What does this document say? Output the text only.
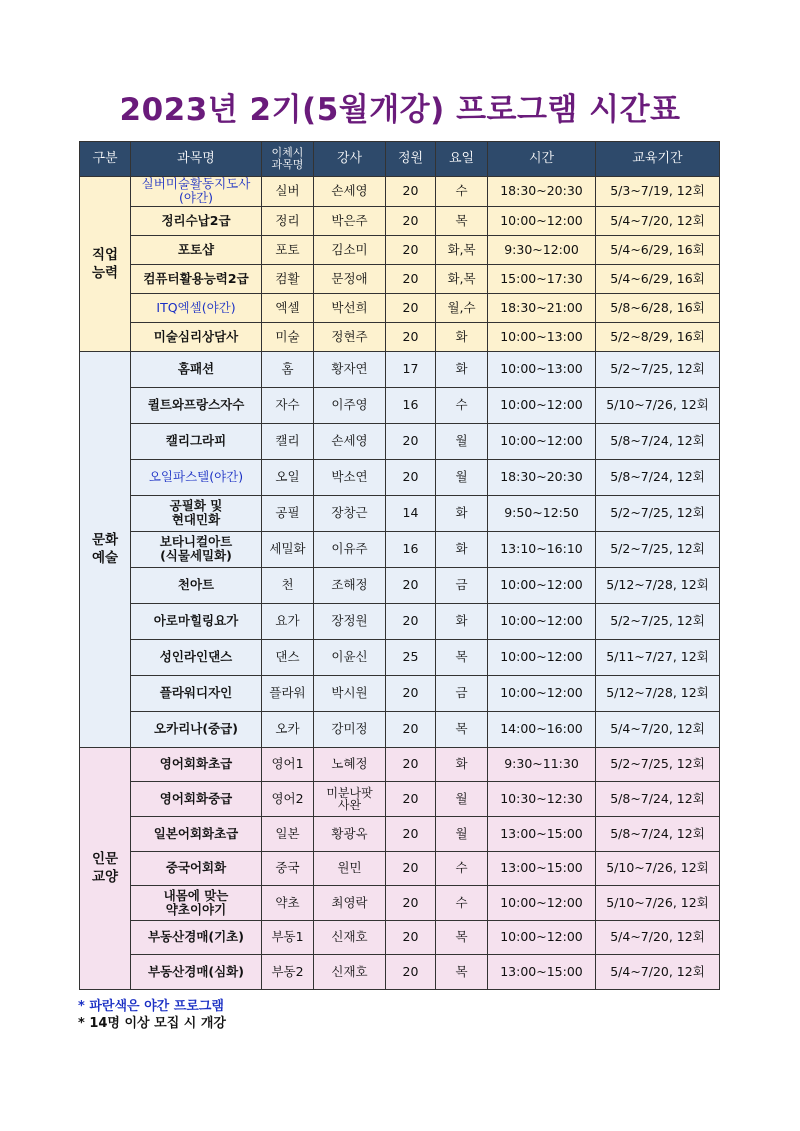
2023년 2기(5월개강) 프로그램 시간표
구분	과목명	이체시
과목명	강사	정원	요일	시간	교육기간
직업
능력	실버미술활동지도사
(야간)	실버	손세영	20	수	18:30~20:30	5/3~7/19, 12회
	정리수납2급	정리	박은주	20	목	10:00~12:00	5/4~7/20, 12회
	포토샵	포토	김소미	20	화,목	9:30~12:00	5/4~6/29, 16회
	컴퓨터활용능력2급	컴활	문정애	20	화,목	15:00~17:30	5/4~6/29, 16회
	ITQ엑셀(야간)	엑셀	박선희	20	월,수	18:30~21:00	5/8~6/28, 16회
	미술심리상담사	미술	정현주	20	화	10:00~13:00	5/2~8/29, 16회
문화
예술	홈패션	홈	황자연	17	화	10:00~13:00	5/2~7/25, 12회
	퀼트와프랑스자수	자수	이주영	16	수	10:00~12:00	5/10~7/26, 12회
	캘리그라피	캘리	손세영	20	월	10:00~12:00	5/8~7/24, 12회
	오일파스텔(야간)	오일	박소연	20	월	18:30~20:30	5/8~7/24, 12회
	공필화 및
현대민화	공필	장창근	14	화	9:50~12:50	5/2~7/25, 12회
	보타니컬아트
(식물세밀화)	세밀화	이유주	16	화	13:10~16:10	5/2~7/25, 12회
	천아트	천	조해정	20	금	10:00~12:00	5/12~7/28, 12회
	아로마힐링요가	요가	장정원	20	화	10:00~12:00	5/2~7/25, 12회
	성인라인댄스	댄스	이윤신	25	목	10:00~12:00	5/11~7/27, 12회
	플라워디자인	플라워	박시원	20	금	10:00~12:00	5/12~7/28, 12회
	오카리나(중급)	오카	강미정	20	목	14:00~16:00	5/4~7/20, 12회
인문
교양	영어회화초급	영어1	노혜정	20	화	9:30~11:30	5/2~7/25, 12회
	영어회화중급	영어2	미분나팟
사완	20	월	10:30~12:30	5/8~7/24, 12회
	일본어회화초급	일본	황광옥	20	월	13:00~15:00	5/8~7/24, 12회
	중국어회화	중국	원민	20	수	13:00~15:00	5/10~7/26, 12회
	내몸에 맞는
약초이야기	약초	최영락	20	수	10:00~12:00	5/10~7/26, 12회
	부동산경매(기초)	부동1	신재호	20	목	10:00~12:00	5/4~7/20, 12회
	부동산경매(심화)	부동2	신재호	20	목	13:00~15:00	5/4~7/20, 12회
* 파란색은 야간 프로그램
* 14명 이상 모집 시 개강
